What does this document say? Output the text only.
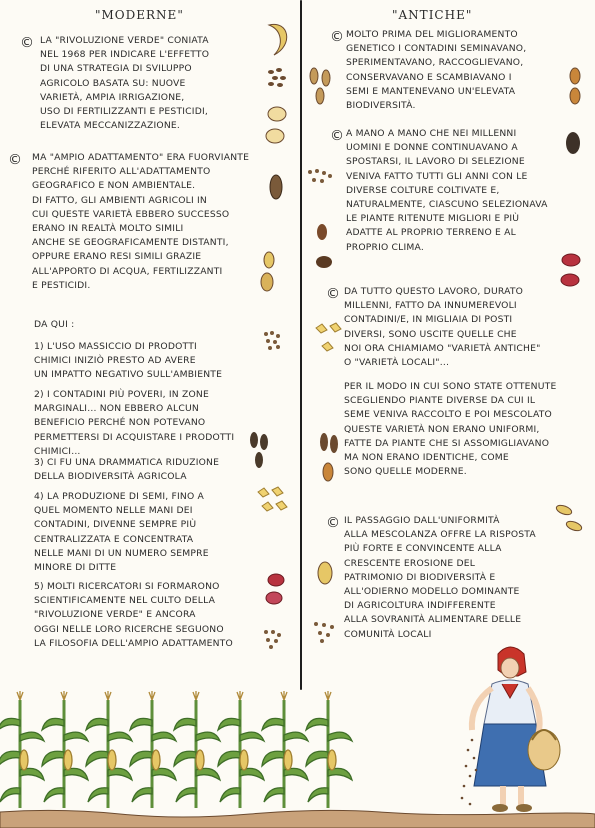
"MODERNE"	"ANTICHE"
© LA "RIVOLUZIONE VERDE" CONIATA
NEL 1968 PER INDICARE L'EFFETTO
DI UNA STRATEGIA DI SVILUPPO
AGRICOLO BASATA SU: NUOVE
VARIETÀ, AMPIA IRRIGAZIONE,
USO DI FERTILIZZANTI E PESTICIDI,
ELEVATA MECCANIZZAZIONE.
© MA "AMPIO ADATTAMENTO" ERA FUORVIANTE
PERCHÉ RIFERITO ALL'ADATTAMENTO
GEOGRAFICO E NON AMBIENTALE.
DI FATTO, GLI AMBIENTI AGRICOLI IN
CUI QUESTE VARIETÀ EBBERO SUCCESSO
ERANO IN REALTÀ MOLTO SIMILI
ANCHE SE GEOGRAFICAMENTE DISTANTI,
OPPURE ERANO RESI SIMILI GRAZIE
ALL'APPORTO DI ACQUA, FERTILIZZANTI
E PESTICIDI.
DA QUI :
1) L'USO MASSICCIO DI PRODOTTI
CHIMICI INIZIÒ PRESTO AD AVERE
UN IMPATTO NEGATIVO SULL'AMBIENTE
2) I CONTADINI PIÙ POVERI, IN ZONE
MARGINALI... NON EBBERO ALCUN
BENEFICIO PERCHÉ NON POTEVANO
PERMETTERSI DI ACQUISTARE I PRODOTTI
CHIMICI...
3) CI FU UNA DRAMMATICA RIDUZIONE
DELLA BIODIVERSITÀ AGRICOLA
4) LA PRODUZIONE DI SEMI, FINO A
QUEL MOMENTO NELLE MANI DEI
CONTADINI, DIVENNE SEMPRE PIÙ
CENTRALIZZATA E CONCENTRATA
NELLE MANI DI UN NUMERO SEMPRE
MINORE DI DITTE
5) MOLTI RICERCATORI SI FORMARONO
SCIENTIFICAMENTE NEL CULTO DELLA
"RIVOLUZIONE VERDE" E ANCORA
OGGI NELLE LORO RICERCHE SEGUONO
LA FILOSOFIA DELL'AMPIO ADATTAMENTO
© MOLTO PRIMA DEL MIGLIORAMENTO
GENETICO I CONTADINI SEMINAVANO,
SPERIMENTAVANO, RACCOGLIEVANO,
CONSERVAVANO E SCAMBIAVANO I
SEMI E MANTENEVANO UN'ELEVATA
BIODIVERSITÀ.
© A MANO A MANO CHE NEI MILLENNI
UOMINI E DONNE CONTINUAVANO A
SPOSTARSI, IL LAVORO DI SELEZIONE
VENIVA FATTO TUTTI GLI ANNI CON LE
DIVERSE COLTURE COLTIVATE E,
NATURALMENTE, CIASCUNO SELEZIONAVA
LE PIANTE RITENUTE MIGLIORI E PIÙ
ADATTE AL PROPRIO TERRENO E AL
PROPRIO CLIMA.
© DA TUTTO QUESTO LAVORO, DURATO
MILLENNI, FATTO DA INNUMEREVOLI
CONTADINI/E, IN MIGLIAIA DI POSTI
DIVERSI, SONO USCITE QUELLE CHE
NOI ORA CHIAMIAMO "VARIETÀ ANTICHE"
O "VARIETÀ LOCALI"...
PER IL MODO IN CUI SONO STATE OTTENUTE
SCEGLIENDO PIANTE DIVERSE DA CUI IL
SEME VENIVA RACCOLTO E POI MESCOLATO
QUESTE VARIETÀ NON ERANO UNIFORMI,
FATTE DA PIANTE CHE SI ASSOMIGLIAVANO
MA NON ERANO IDENTICHE, COME
SONO QUELLE MODERNE.
© IL PASSAGGIO DALL'UNIFORMITÀ
ALLA MESCOLANZA OFFRE LA RISPOSTA
PIÙ FORTE E CONVINCENTE ALLA
CRESCENTE EROSIONE DEL
PATRIMONIO DI BIODIVERSITÀ E
ALL'ODIERNO MODELLO DOMINANTE
DI AGRICOLTURA INDIFFERENTE
ALLA SOVRANITÀ ALIMENTARE DELLE
COMUNITÀ LOCALI
